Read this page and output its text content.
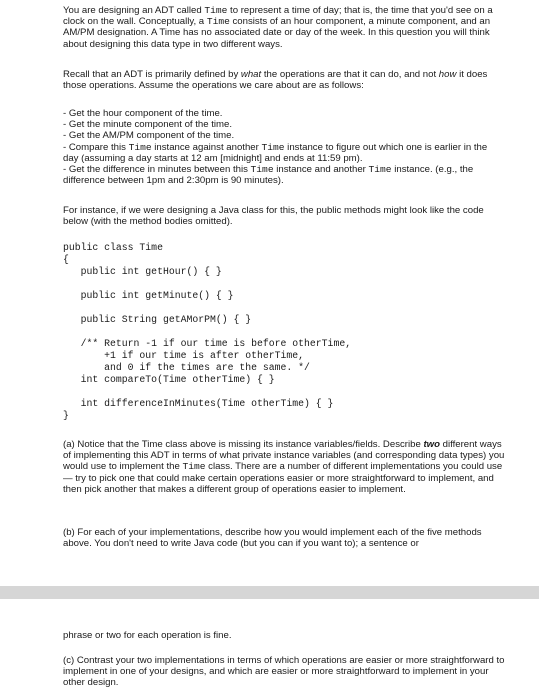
You are designing an ADT called Time to represent a time of day; that is, the time that you'd see on a clock on the wall. Conceptually, a Time consists of an hour component, a minute component, and an AM/PM designation. A Time has no associated date or day of the week. In this question you will think about designing this data type in two different ways.

Recall that an ADT is primarily defined by what the operations are that it can do, and not how it does those operations. Assume the operations we care about are as follows:

- Get the hour component of the time.

- Get the minute component of the time.

- Get the AM/PM component of the time.

- Compare this Time instance against another Time instance to figure out which one is earlier in the day (assuming a day starts at 12 am [midnight] and ends at 11:59 pm).

- Get the difference in minutes between this Time instance and another Time instance. (e.g., the difference between 1pm and 2:30pm is 90 minutes).

For instance, if we were designing a Java class for this, the public methods might look like the code below (with the method bodies omitted).

public class Time
{
public int getHour() { }

public int getMinute() { }

public String getAMorPM() { }

/** Return -1 if our time is before otherTime,
+1 if our time is after otherTime,
and 0 if the times are the same. */
int compareTo(Time otherTime) { }

int differenceInMinutes(Time otherTime) { }
}

(a) Notice that the Time class above is missing its instance variables/fields. Describe two different ways of implementing this ADT in terms of what private instance variables (and corresponding data types) you would use to implement the Time class. There are a number of different implementations you could use — try to pick one that could make certain operations easier or more straightforward to implement, and then pick another that makes a different group of operations easier to implement.

(b) For each of your implementations, describe how you would implement each of the five methods above. You don't need to write Java code (but you can if you want to); a sentence or

phrase or two for each operation is fine.

(c) Contrast your two implementations in terms of which operations are easier or more straightforward to implement in one of your designs, and which are easier or more straightforward to implement in your other design.
